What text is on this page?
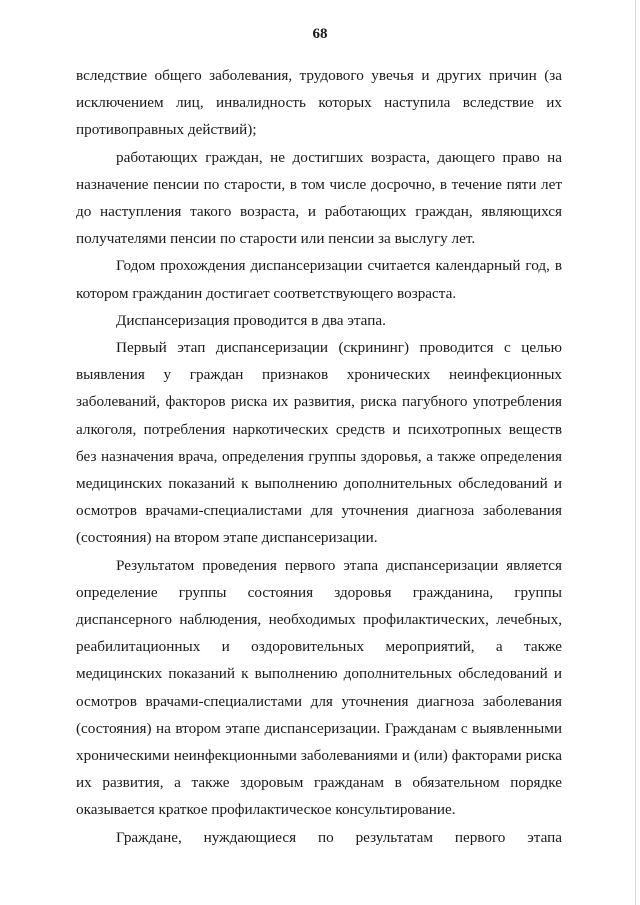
68

вследствие общего заболевания, трудового увечья и других причин (за исключением лиц, инвалидность которых наступила вследствие их противоправных действий);

работающих граждан, не достигших возраста, дающего право на назначение пенсии по старости, в том числе досрочно, в течение пяти лет до наступления такого возраста, и работающих граждан, являющихся получателями пенсии по старости или пенсии за выслугу лет.

Годом прохождения диспансеризации считается календарный год, в котором гражданин достигает соответствующего возраста.

Диспансеризация проводится в два этапа.

Первый этап диспансеризации (скрининг) проводится с целью выявления у граждан признаков хронических неинфекционных заболеваний, факторов риска их развития, риска пагубного употребления алкоголя, потребления наркотических средств и психотропных веществ без назначения врача, определения группы здоровья, а также определения медицинских показаний к выполнению дополнительных обследований и осмотров врачами-специалистами для уточнения диагноза заболевания (состояния) на втором этапе диспансеризации.

Результатом проведения первого этапа диспансеризации является определение группы состояния здоровья гражданина, группы диспансерного наблюдения, необходимых профилактических, лечебных, реабилитационных и оздоровительных мероприятий, а также медицинских показаний к выполнению дополнительных обследований и осмотров врачами-специалистами для уточнения диагноза заболевания (состояния) на втором этапе диспансеризации. Гражданам с выявленными хроническими неинфекционными заболеваниями и (или) факторами риска их развития, а также здоровым гражданам в обязательном порядке оказывается краткое профилактическое консультирование.

Граждане, нуждающиеся по результатам первого этапа
